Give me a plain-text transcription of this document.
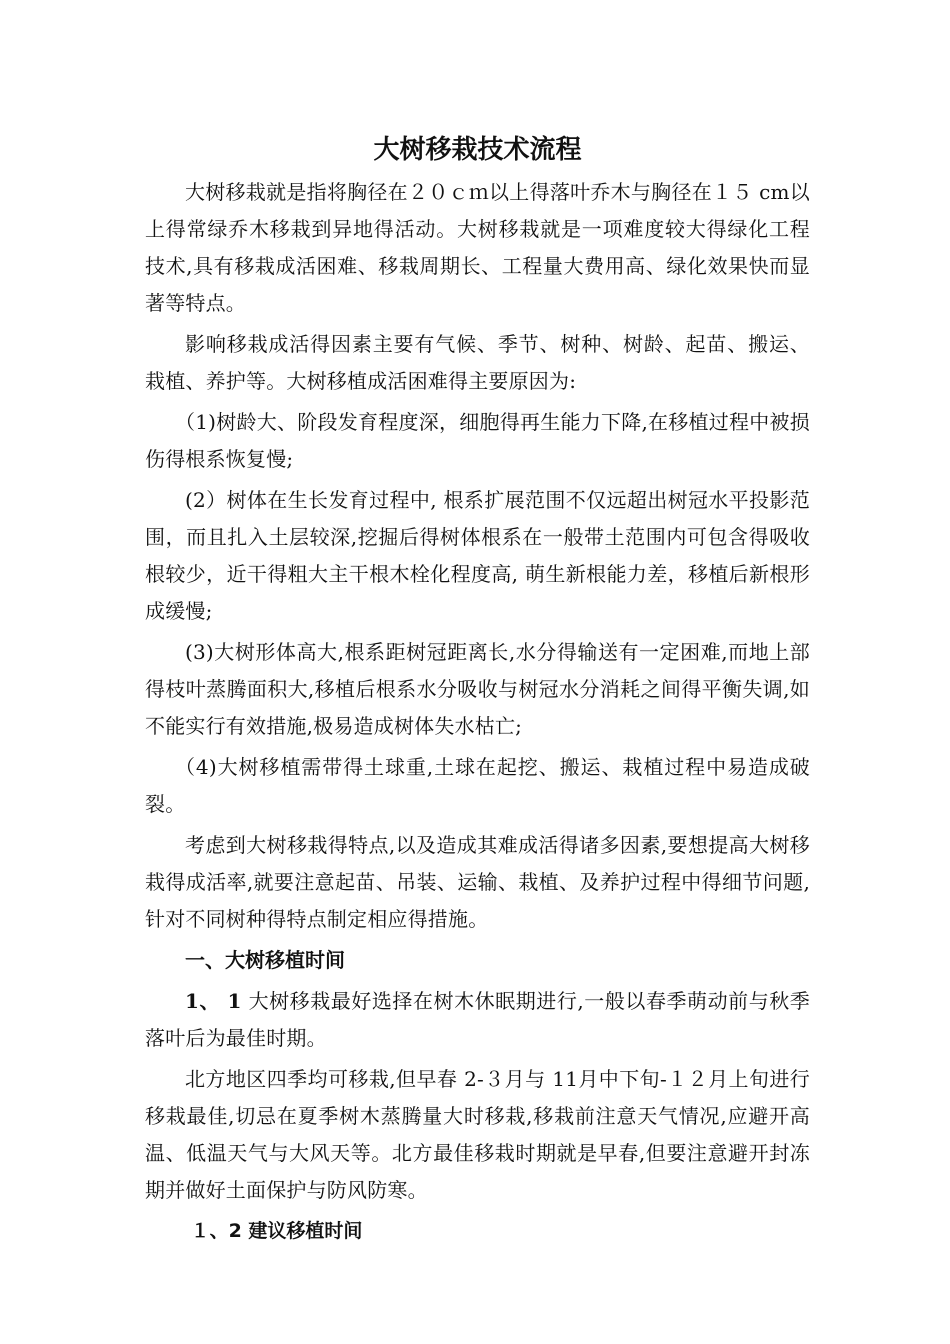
大树移栽技术流程

大树移栽就是指将胸径在２０ｃｍ以上得落叶乔木与胸径在１５ cm以上得常绿乔木移栽到异地得活动。大树移栽就是一项难度较大得绿化工程技术,具有移栽成活困难、移栽周期长、工程量大费用高、绿化效果快而显著等特点。

影响移栽成活得因素主要有气候、季节、树种、树龄、起苗、搬运、栽植、养护等。大树移植成活困难得主要原因为:

（1)树龄大、阶段发育程度深，细胞得再生能力下降,在移植过程中被损伤得根系恢复慢;

(2）树体在生长发育过程中, 根系扩展范围不仅远超出树冠水平投影范围，而且扎入土层较深,挖掘后得树体根系在一般带土范围内可包含得吸收根较少，近干得粗大主干根木栓化程度高, 萌生新根能力差，移植后新根形成缓慢;

(3)大树形体高大,根系距树冠距离长,水分得输送有一定困难,而地上部得枝叶蒸腾面积大,移植后根系水分吸收与树冠水分消耗之间得平衡失调,如不能实行有效措施,极易造成树体失水枯亡;

（4)大树移植需带得土球重,土球在起挖、搬运、栽植过程中易造成破裂。

考虑到大树移栽得特点,以及造成其难成活得诸多因素,要想提高大树移栽得成活率,就要注意起苗、吊装、运输、栽植、及养护过程中得细节问题,针对不同树种得特点制定相应得措施。

一、大树移植时间

1、 1 大树移栽最好选择在树木休眠期进行,一般以春季萌动前与秋季落叶后为最佳时期。

北方地区四季均可移栽,但早春 2-３月与 11月中下旬-１２月上旬进行移栽最佳,切忌在夏季树木蒸腾量大时移栽,移栽前注意天气情况,应避开高温、低温天气与大风天等。北方最佳移栽时期就是早春,但要注意避开封冻期并做好土面保护与防风防寒。

１、2 建议移植时间
